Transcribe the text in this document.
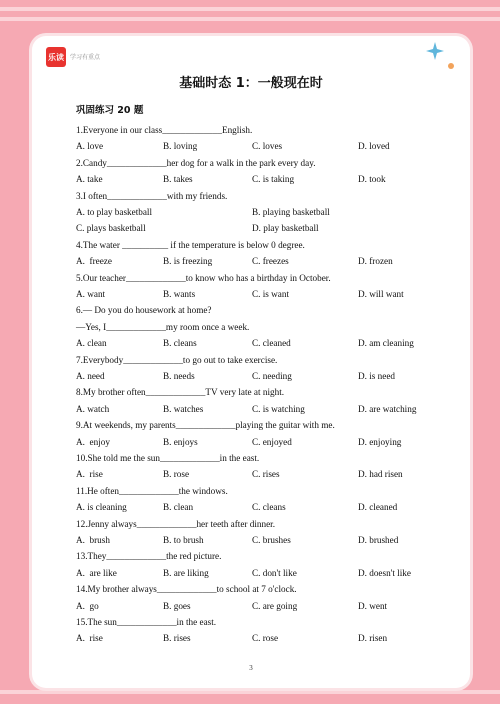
乐读	学习有重点
基础时态 1：一般现在时
巩固练习 20 题
1.Everyone in our class_____________English.
A. love	B. loving	C. loves	D. loved
2.Candy_____________her dog for a walk in the park every day.
A. take	B. takes	C. is taking	D. took
3.I often_____________with my friends.
A. to play basketball	B. playing basketball
C. plays basketball	D. play basketball
4.The water __________ if the temperature is below 0 degree.
A.  freeze	B. is freezing	C. freezes	D. frozen
5.Our teacher_____________to know who has a birthday in October.
A. want	B. wants	C. is want	D. will want
6.— Do you do housework at home?
—Yes, I_____________my room once a week.
A. clean	B. cleans	C. cleaned	D. am cleaning
7.Everybody_____________to go out to take exercise.
A. need	B. needs	C. needing	D. is need
8.My brother often_____________TV very late at night.
A. watch	B. watches	C. is watching	D. are watching
9.At weekends, my parents_____________playing the guitar with me.
A.  enjoy	B. enjoys	C. enjoyed	D. enjoying
10.She told me the sun_____________in the east.
A.  rise	B. rose	C. rises	D. had risen
11.He often_____________the windows.
A. is cleaning	B. clean	C. cleans	D. cleaned
12.Jenny always_____________her teeth after dinner.
A.  brush	B. to brush	C. brushes	D. brushed
13.They_____________the red picture.
A.  are like	B. are liking	C. don't like	D. doesn't like
14.My brother always_____________to school at 7 o'clock.
A.  go	B. goes	C. are going	D. went
15.The sun_____________in the east.
A.  rise	B. rises	C. rose	D. risen
3
